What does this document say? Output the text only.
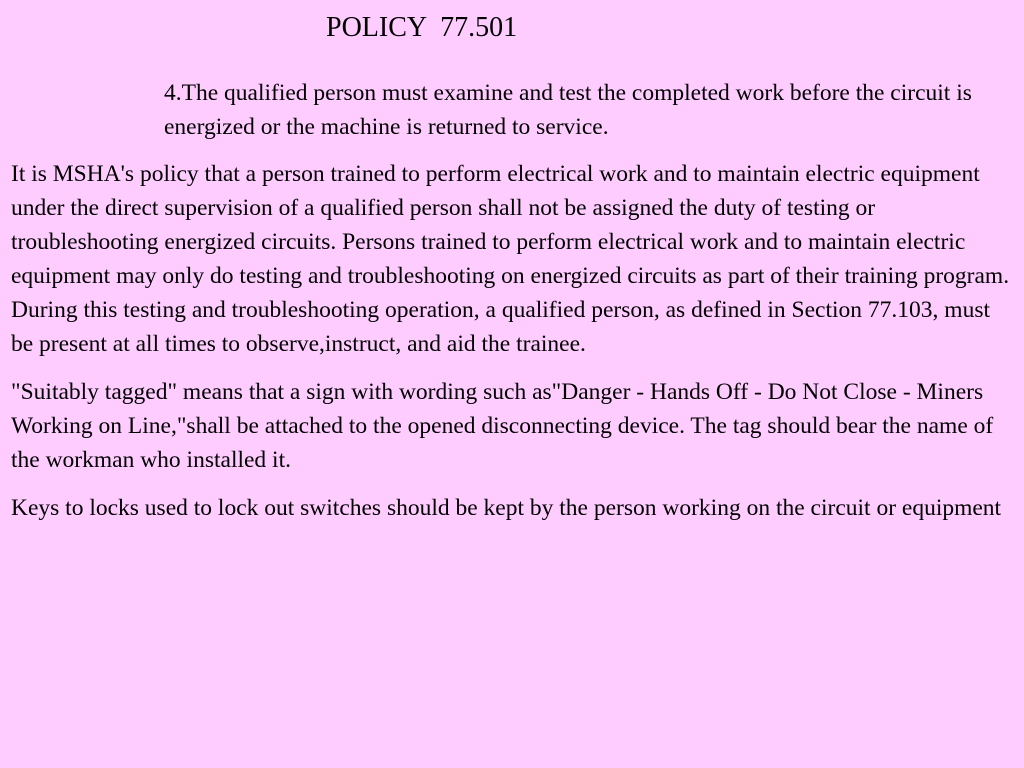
POLICY  77.501

4.The qualified person must examine and test the completed work before the circuit is energized or the machine is returned to service.

It is MSHA's policy that a person trained to perform electrical work and to maintain electric equipment under the direct supervision of a qualified person shall not be assigned the duty of testing or troubleshooting energized circuits. Persons trained to perform electrical work and to maintain electric equipment may only do testing and troubleshooting on energized circuits as part of their training program. During this testing and troubleshooting operation, a qualified person, as defined in Section 77.103, must be present at all times to observe,instruct, and aid the trainee.

"Suitably tagged" means that a sign with wording such as"Danger - Hands Off - Do Not Close - Miners Working on Line,"shall be attached to the opened disconnecting device. The tag should bear the name of the workman who installed it.

Keys to locks used to lock out switches should be kept by the person working on the circuit or equipment
